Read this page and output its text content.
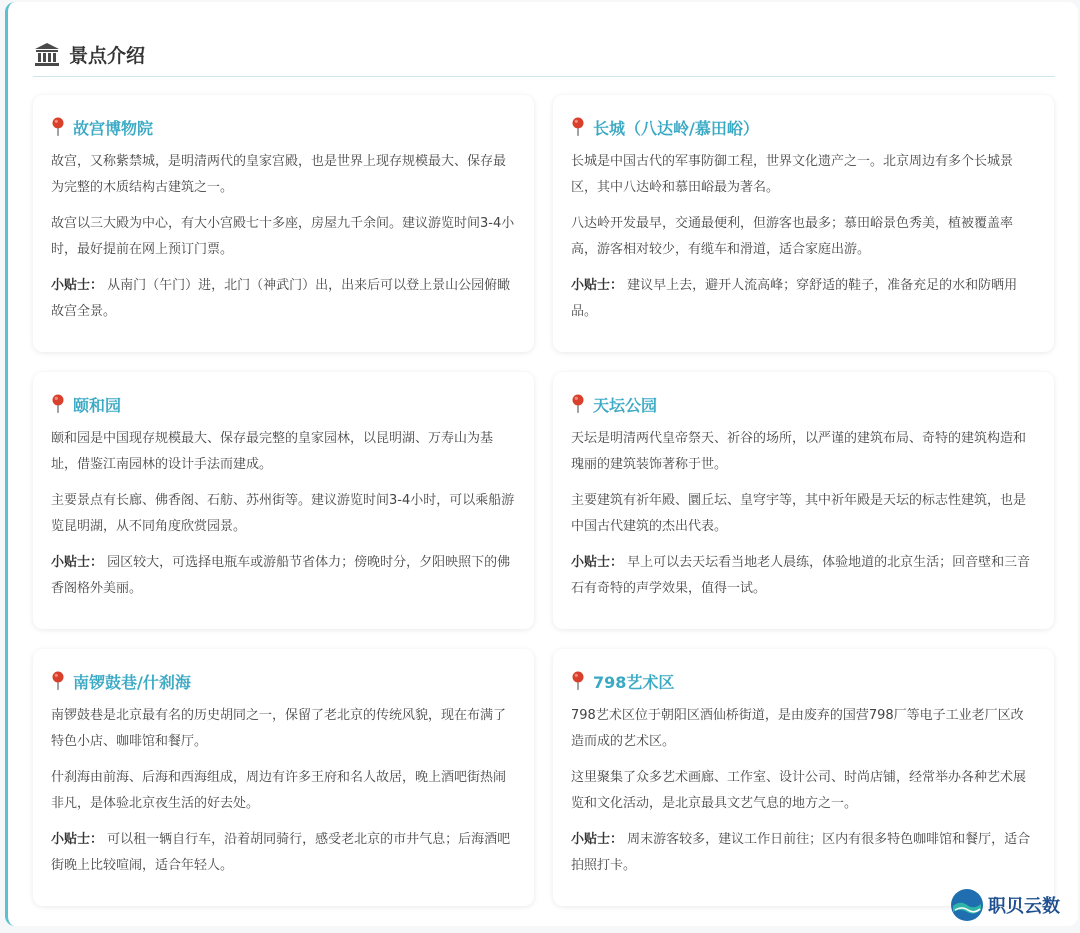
景点介绍
故宫博物院

故宫，又称紫禁城，是明清两代的皇家宫殿，也是世界上现存规模最大、保存最为完整的木质结构古建筑之一。

故宫以三大殿为中心，有大小宫殿七十多座，房屋九千余间。建议游览时间3-4小时，最好提前在网上预订门票。

小贴士： 从南门（午门）进，北门（神武门）出，出来后可以登上景山公园俯瞰故宫全景。

长城（八达岭/慕田峪）

长城是中国古代的军事防御工程，世界文化遗产之一。北京周边有多个长城景区，其中八达岭和慕田峪最为著名。

八达岭开发最早，交通最便利，但游客也最多；慕田峪景色秀美，植被覆盖率高，游客相对较少，有缆车和滑道，适合家庭出游。

小贴士： 建议早上去，避开人流高峰；穿舒适的鞋子，准备充足的水和防晒用品。

颐和园

颐和园是中国现存规模最大、保存最完整的皇家园林，以昆明湖、万寿山为基址，借鉴江南园林的设计手法而建成。

主要景点有长廊、佛香阁、石舫、苏州街等。建议游览时间3-4小时，可以乘船游览昆明湖，从不同角度欣赏园景。

小贴士： 园区较大，可选择电瓶车或游船节省体力；傍晚时分，夕阳映照下的佛香阁格外美丽。

天坛公园

天坛是明清两代皇帝祭天、祈谷的场所，以严谨的建筑布局、奇特的建筑构造和瑰丽的建筑装饰著称于世。

主要建筑有祈年殿、圜丘坛、皇穹宇等，其中祈年殿是天坛的标志性建筑，也是中国古代建筑的杰出代表。

小贴士： 早上可以去天坛看当地老人晨练，体验地道的北京生活；回音壁和三音石有奇特的声学效果，值得一试。

南锣鼓巷/什刹海

南锣鼓巷是北京最有名的历史胡同之一，保留了老北京的传统风貌，现在布满了特色小店、咖啡馆和餐厅。

什刹海由前海、后海和西海组成，周边有许多王府和名人故居，晚上酒吧街热闹非凡，是体验北京夜生活的好去处。

小贴士： 可以租一辆自行车，沿着胡同骑行，感受老北京的市井气息；后海酒吧街晚上比较喧闹，适合年轻人。

798艺术区

798艺术区位于朝阳区酒仙桥街道，是由废弃的国营798厂等电子工业老厂区改造而成的艺术区。

这里聚集了众多艺术画廊、工作室、设计公司、时尚店铺，经常举办各种艺术展览和文化活动，是北京最具文艺气息的地方之一。

小贴士： 周末游客较多，建议工作日前往；区内有很多特色咖啡馆和餐厅，适合拍照打卡。

职贝云数
